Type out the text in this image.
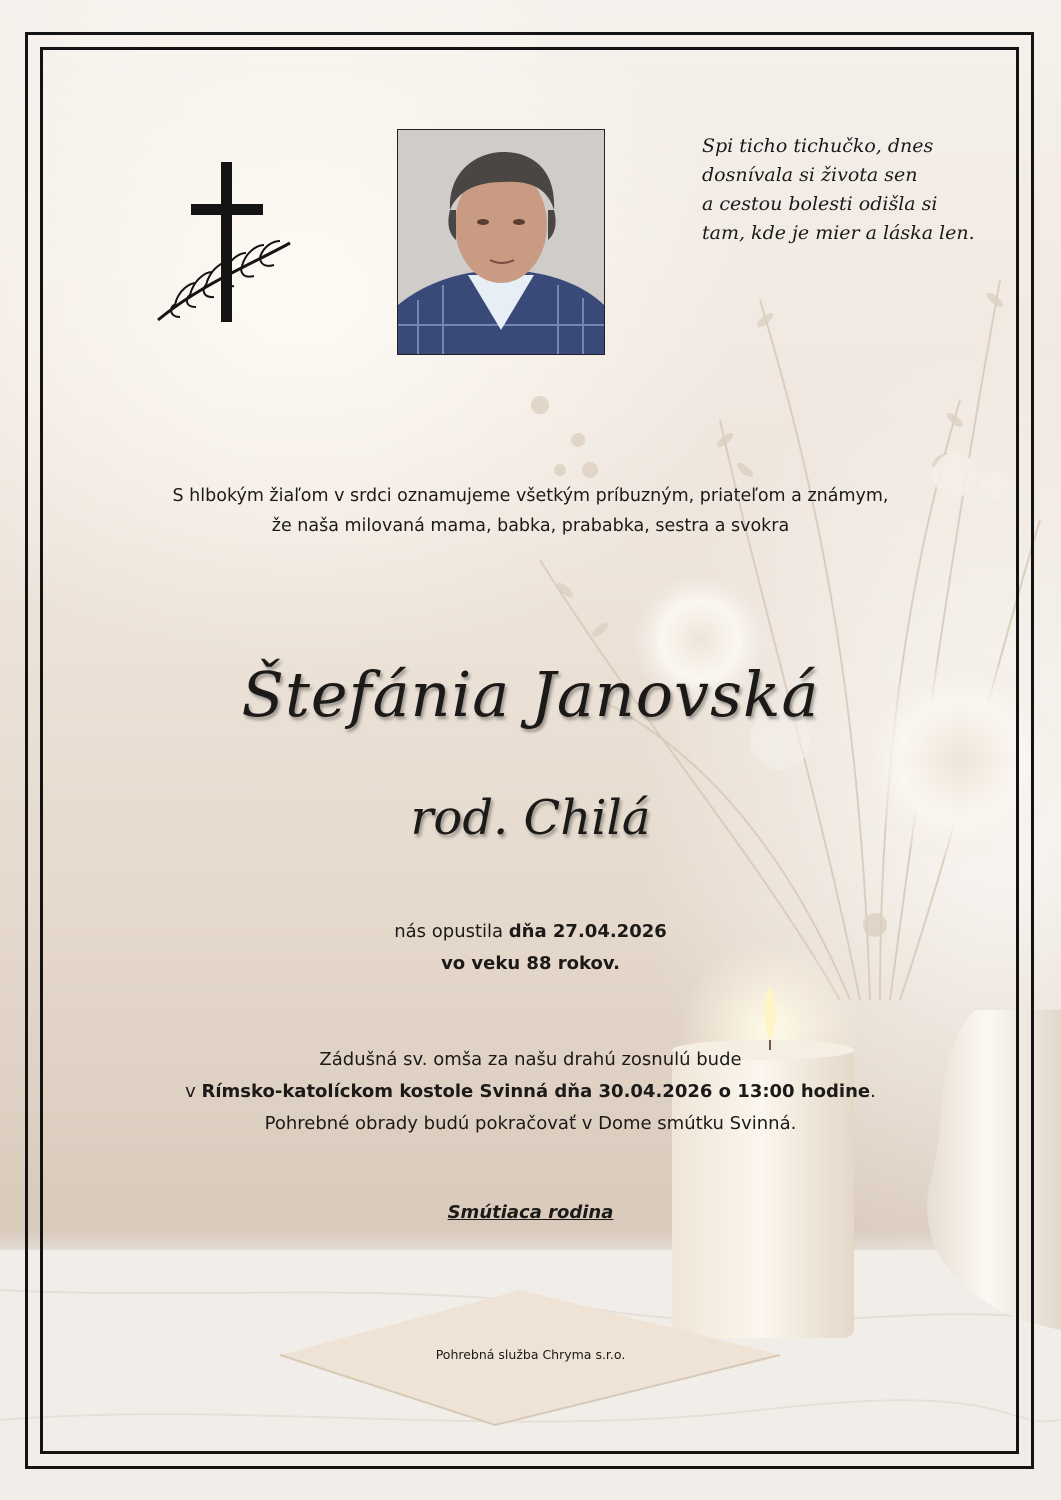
Spi ticho tichučko, dnes
dosnívala si života sen
a cestou bolesti odišla si
tam, kde je mier a láska len.
S hlbokým žiaľom v srdci oznamujeme všetkým príbuzným, priateľom a známym,
že naša milovaná mama, babka, prababka, sestra a svokra
Štefánia Janovská
rod. Chilá
nás opustila dňa 27.04.2026
vo veku 88 rokov.
Zádušná sv. omša za našu drahú zosnulú bude
v Rímsko-katolíckom kostole Svinná dňa 30.04.2026 o 13:00 hodine.
Pohrebné obrady budú pokračovať v Dome smútku Svinná.
Smútiaca rodina
Pohrebná služba Chryma s.r.o.
